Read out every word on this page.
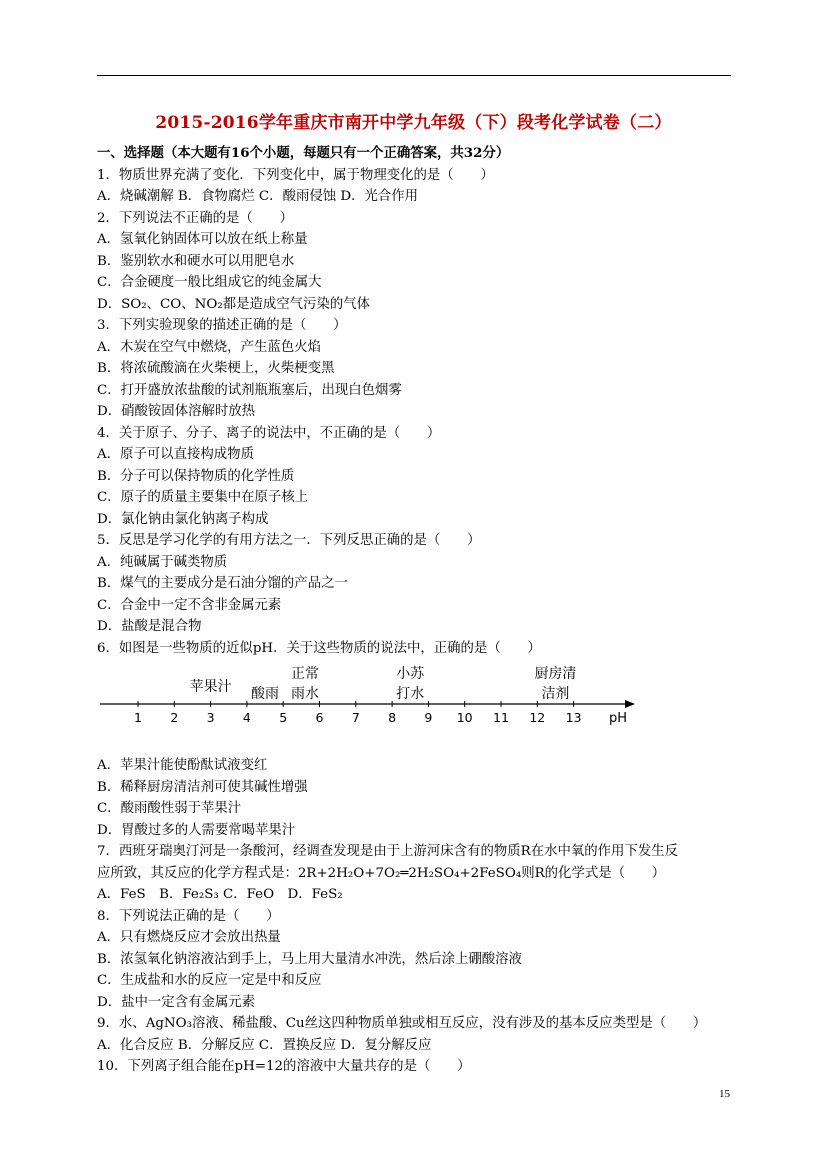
2015-2016学年重庆市南开中学九年级（下）段考化学试卷（二）
一、选择题（本大题有16个小题，每题只有一个正确答案，共32分）
1．物质世界充满了变化．下列变化中，属于物理变化的是（　　）
A．烧碱潮解 B．食物腐烂 C．酸雨侵蚀 D．光合作用
2．下列说法不正确的是（　　）
A．氢氧化钠固体可以放在纸上称量
B．鉴别软水和硬水可以用肥皂水
C．合金硬度一般比组成它的纯金属大
D．SO₂、CO、NO₂都是造成空气污染的气体
3．下列实验现象的描述正确的是（　　）
A．木炭在空气中燃烧，产生蓝色火焰
B．将浓硫酸滴在火柴梗上，火柴梗变黑
C．打开盛放浓盐酸的试剂瓶瓶塞后，出现白色烟雾
D．硝酸铵固体溶解时放热
4．关于原子、分子、离子的说法中，不正确的是（　　）
A．原子可以直接构成物质
B．分子可以保持物质的化学性质
C．原子的质量主要集中在原子核上
D．氯化钠由氯化钠离子构成
5．反思是学习化学的有用方法之一．下列反思正确的是（　　）
A．纯碱属于碱类物质
B．煤气的主要成分是石油分馏的产品之一
C．合金中一定不含非金属元素
D．盐酸是混合物
6．如图是一些物质的近似pH．关于这些物质的说法中，正确的是（　　）
A．苹果汁能使酚酞试液变红
B．稀释厨房清洁剂可使其碱性增强
C．酸雨酸性弱于苹果汁
D．胃酸过多的人需要常喝苹果汁
7．西班牙瑞奥汀河是一条酸河，经调查发现是由于上游河床含有的物质R在水中氧的作用下发生反
应所致，其反应的化学方程式是：2R+2H₂O+7O₂═2H₂SO₄+2FeSO₄则R的化学式是（　　）
A．FeS　B．Fe₂S₃ C．FeO　D．FeS₂
8．下列说法正确的是（　　）
A．只有燃烧反应才会放出热量
B．浓氢氧化钠溶液沾到手上，马上用大量清水冲洗，然后涂上硼酸溶液
C．生成盐和水的反应一定是中和反应
D．盐中一定含有金属元素
9．水、AgNO₃溶液、稀盐酸、Cu丝这四种物质单独或相互反应，没有涉及的基本反应类型是（　　）
A．化合反应 B．分解反应 C．置换反应 D．复分解反应
10．下列离子组合能在pH=12的溶液中大量共存的是（　　）
1 2 3 4 5 6 7 8 9 10 11 12 13 pH
苹果汁 酸雨
正常
雨水
小苏
打水
厨房清
洁剂
15
